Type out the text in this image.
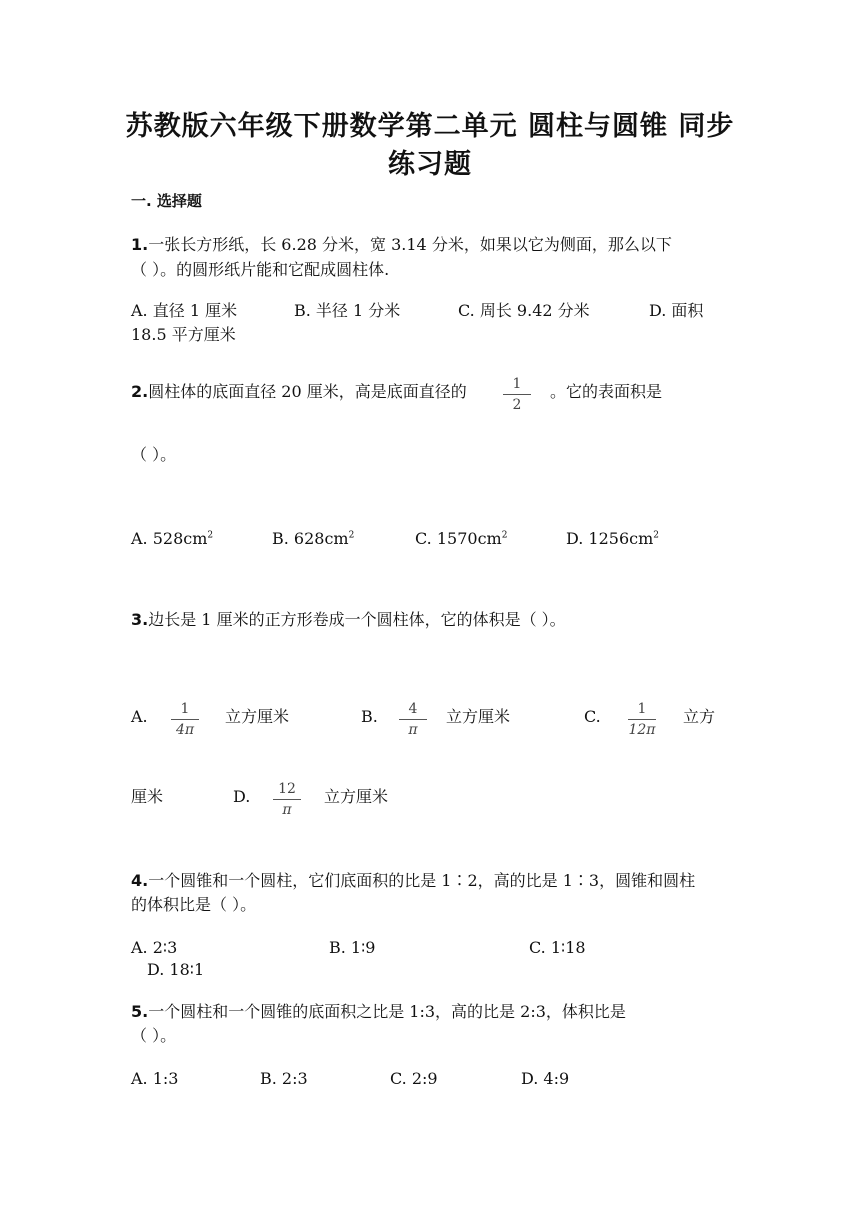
苏教版六年级下册数学第二单元 圆柱与圆锥 同步
练习题
一. 选择题
1.一张长方形纸，长 6.28 分米，宽 3.14 分米，如果以它为侧面，那么以下
（ ）。的圆形纸片能和它配成圆柱体.
A. 直径 1 厘米	B. 半径 1 分米	C. 周长 9.42 分米	D. 面积
18.5 平方厘米
2.圆柱体的底面直径 20 厘米，高是底面直径的	1
2
。它的表面积是
（ ）。
A. $528cm^2$	B. $628cm^2$	C. $1570cm^2$	D. $1256cm^2$
3.边长是 1 厘米的正方形卷成一个圆柱体，它的体积是（ ）。
A.	1
4π
立方厘米	B.	4
π
立方厘米	C.	1
12π
立方
厘米	D.	12
π
立方厘米
4.一个圆锥和一个圆柱，它们底面积的比是 1∶2，高的比是 1∶3，圆锥和圆柱
的体积比是（ ）。
A. 2∶3	B. 1∶9	C. 1∶18
D. 18∶1
5.一个圆柱和一个圆锥的底面积之比是 1:3，高的比是 2:3，体积比是
（ ）。
A. 1:3	B. 2:3	C. 2:9	D. 4:9
